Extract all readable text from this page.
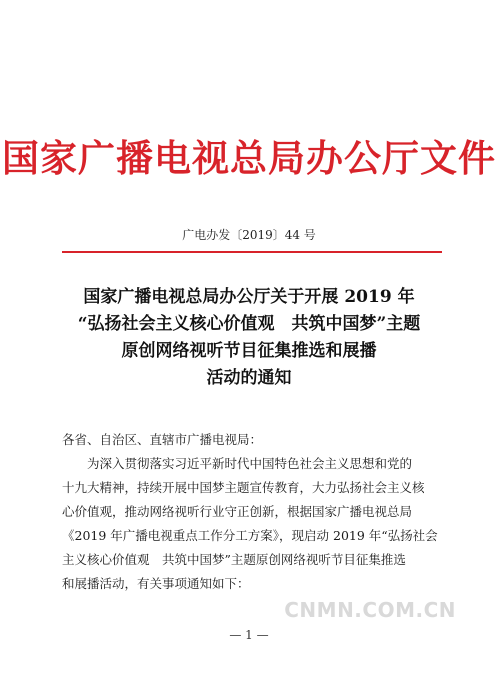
国家广播电视总局办公厅文件
广电办发〔2019〕44 号
国家广播电视总局办公厅关于开展 2019 年
“弘扬社会主义核心价值观　共筑中国梦”主题
原创网络视听节目征集推选和展播
活动的通知
各省、自治区、直辖市广播电视局：
为深入贯彻落实习近平新时代中国特色社会主义思想和党的
十九大精神，持续开展中国梦主题宣传教育，大力弘扬社会主义核
心价值观，推动网络视听行业守正创新，根据国家广播电视总局
《2019 年广播电视重点工作分工方案》，现启动 2019 年“弘扬社会
主义核心价值观　共筑中国梦”主题原创网络视听节目征集推选
和展播活动，有关事项通知如下：
CNMN.COM.CN
— 1 —
